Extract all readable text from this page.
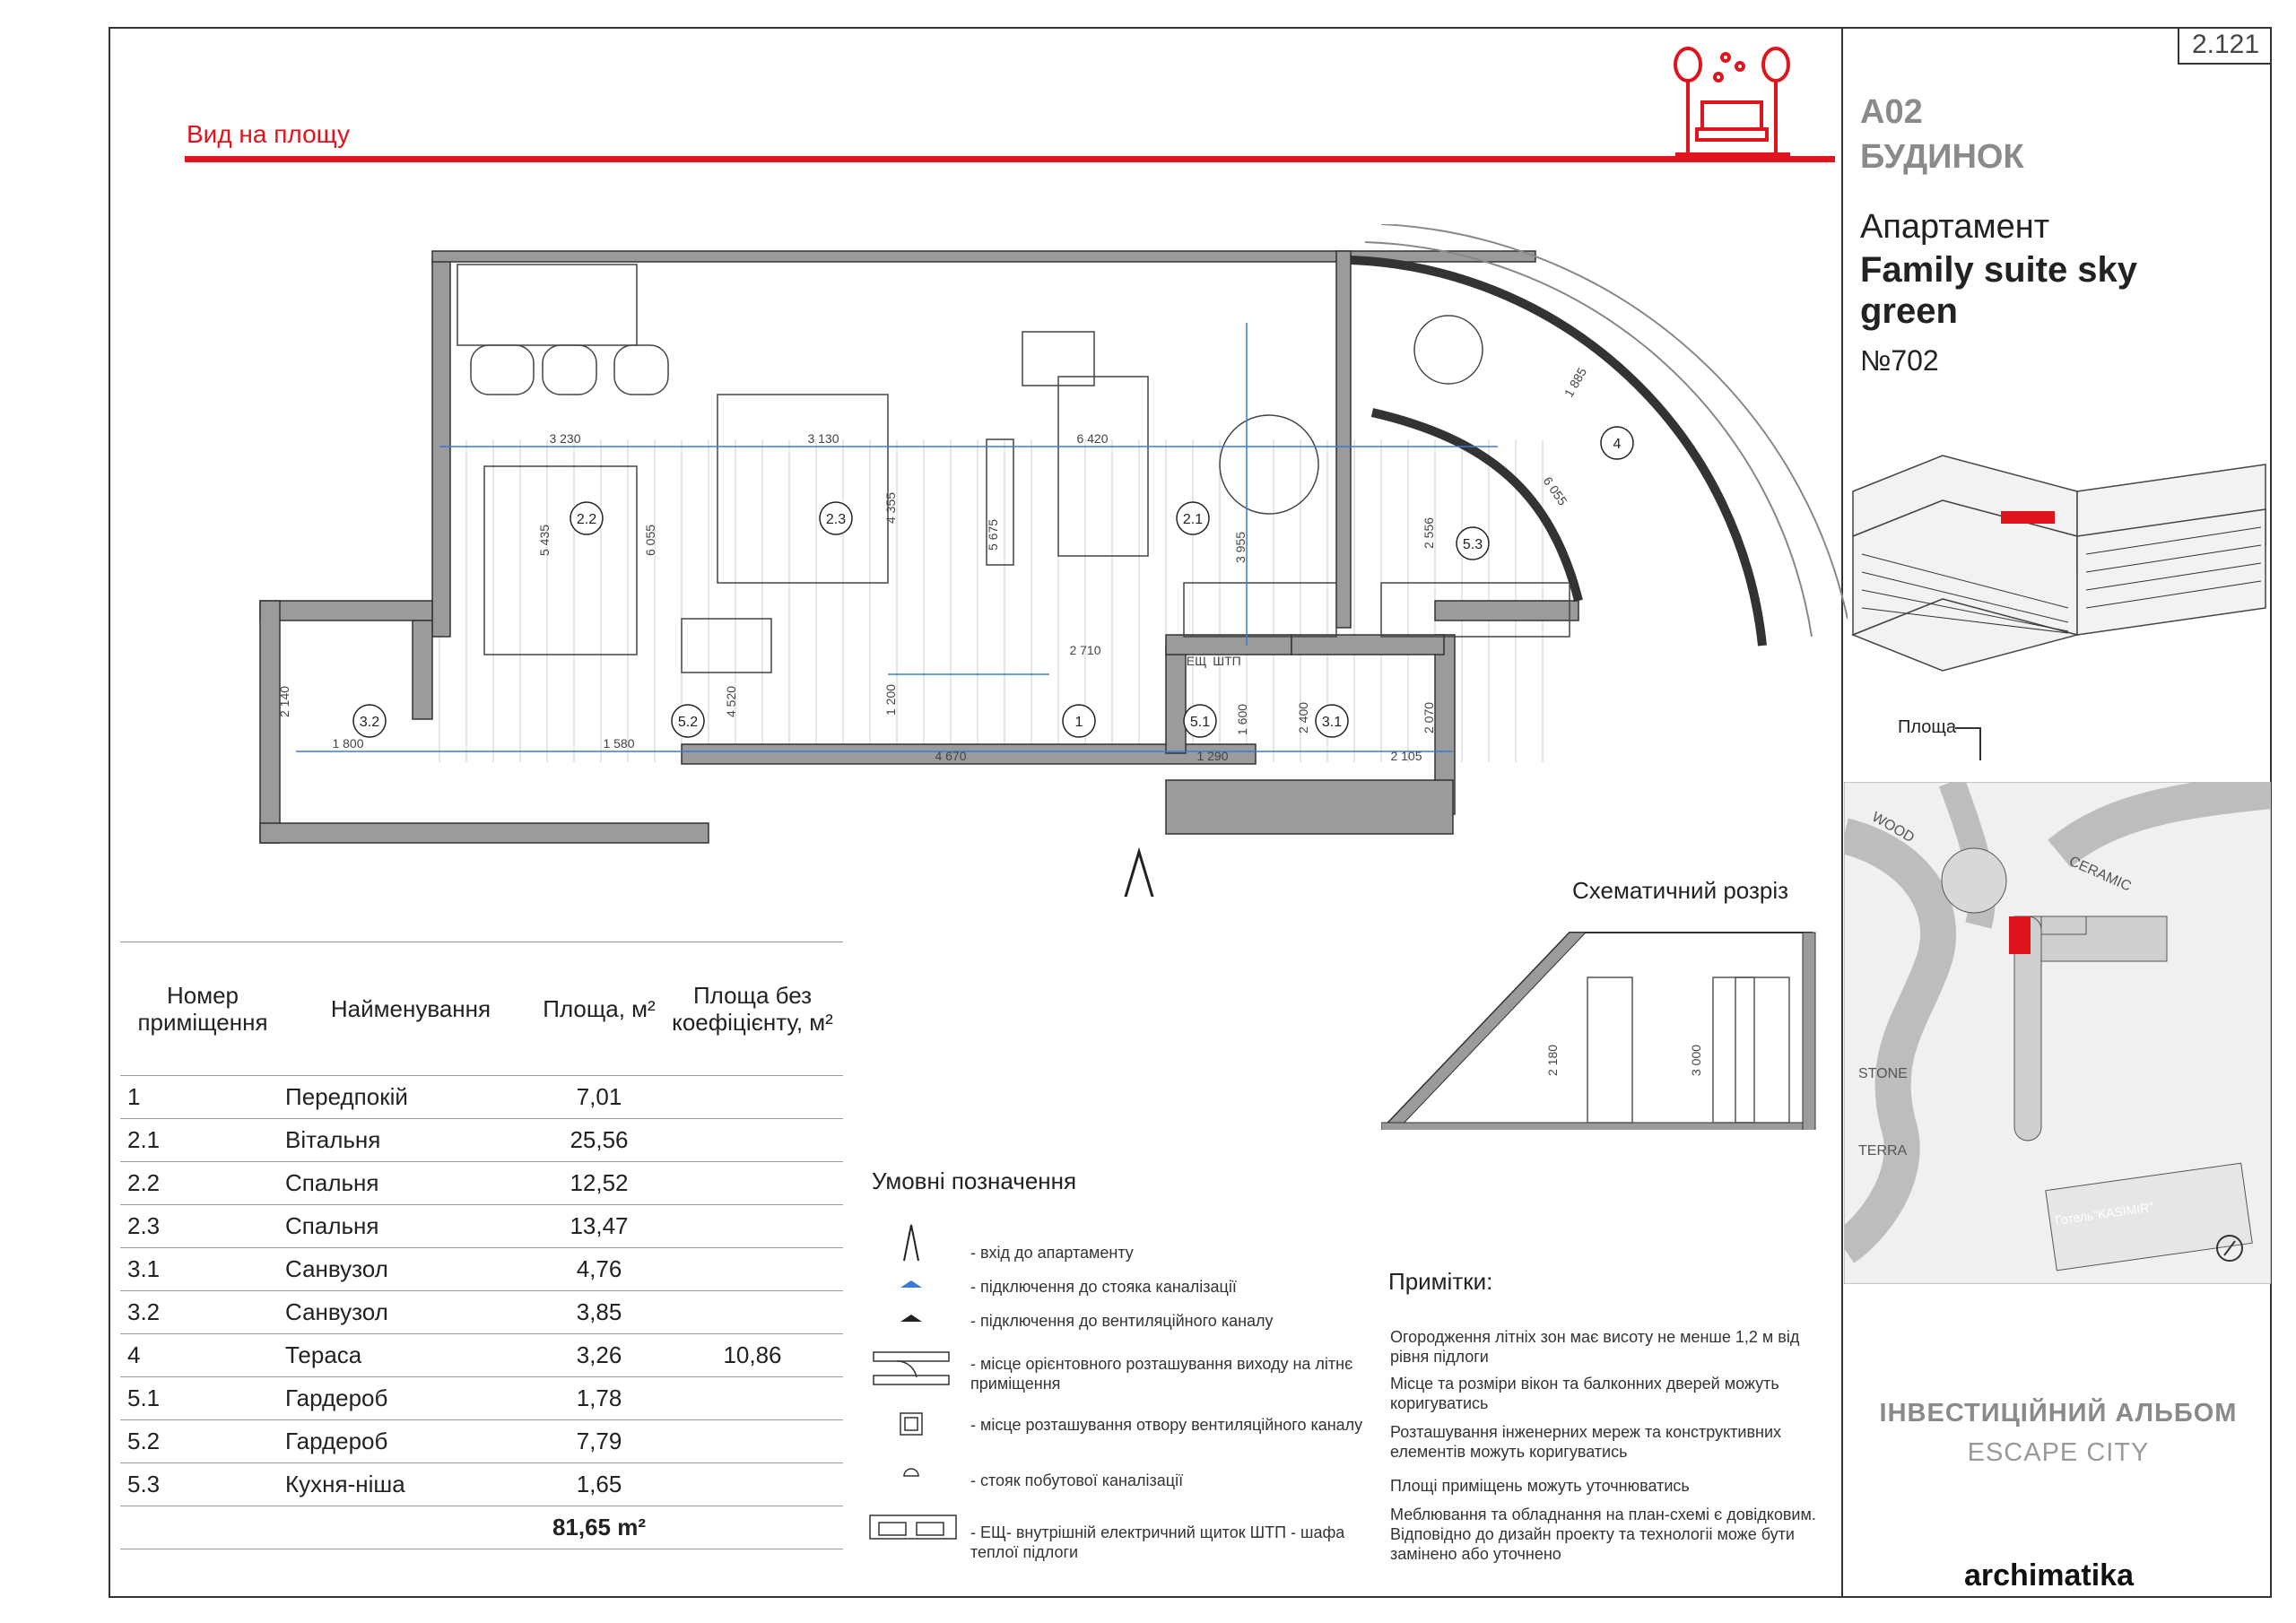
2.121
Вид на площу
А02
БУДИНОК
Апартамент
Family suite sky green
№702
WOOD
CERAMIC
STONE
TERRA
Готель"KASIMIR"
Площа
ІНВЕСТИЦІЙНИЙ АЛЬБОМ
ESCAPE CITY
archimatika
2.2	2.3	2.1
4
5.3
3.2	5.2	1	5.1	3.1
3 230	3 130	6 420
2 710
1 580
4 670
1 800
1 290	2 105
ЕЩ ШТП
5 435	6 055
4 355
5 675	3 955	2 556
1 885
6 055
1 200
4 520
2 140
1 600	2 400	2 070
Схематичний розріз
2 180	3 000
Номер приміщення	Найменування	Площа, м²	Площа без коефіцієнту, м²
1	Передпокій	7,01	
2.1	Вітальня	25,56	
2.2	Спальня	12,52	
2.3	Спальня	13,47	
3.1	Санвузол	4,76	
3.2	Санвузол	3,85	
4	Тераса	3,26	10,86
5.1	Гардероб	1,78	
5.2	Гардероб	7,79	
5.3	Кухня-ніша	1,65	
		81,65 m²	
Умовні позначення
- вхід до апартаменту
- підключення до стояка каналізації
- підключення до вентиляційного каналу
- місце орієнтовного розташування виходу на літнє приміщення
- місце розташування отвору вентиляційного каналу
- стояк побутової каналізації
- ЕЩ- внутрішній електричний щиток ШТП - шафа теплої підлоги
Примітки:
Огородження літніх зон має висоту не менше 1,2 м від рівня підлоги
Місце та розміри вікон та балконних дверей можуть коригуватись
Розташування інженерних мереж та конструктивних елементів можуть коригуватись
Площі приміщень можуть уточнюватись
Меблювання та обладнання на план-схемі є довідковим. Відповідно до дизайн проекту та технологіі може бути замінено або уточнено
